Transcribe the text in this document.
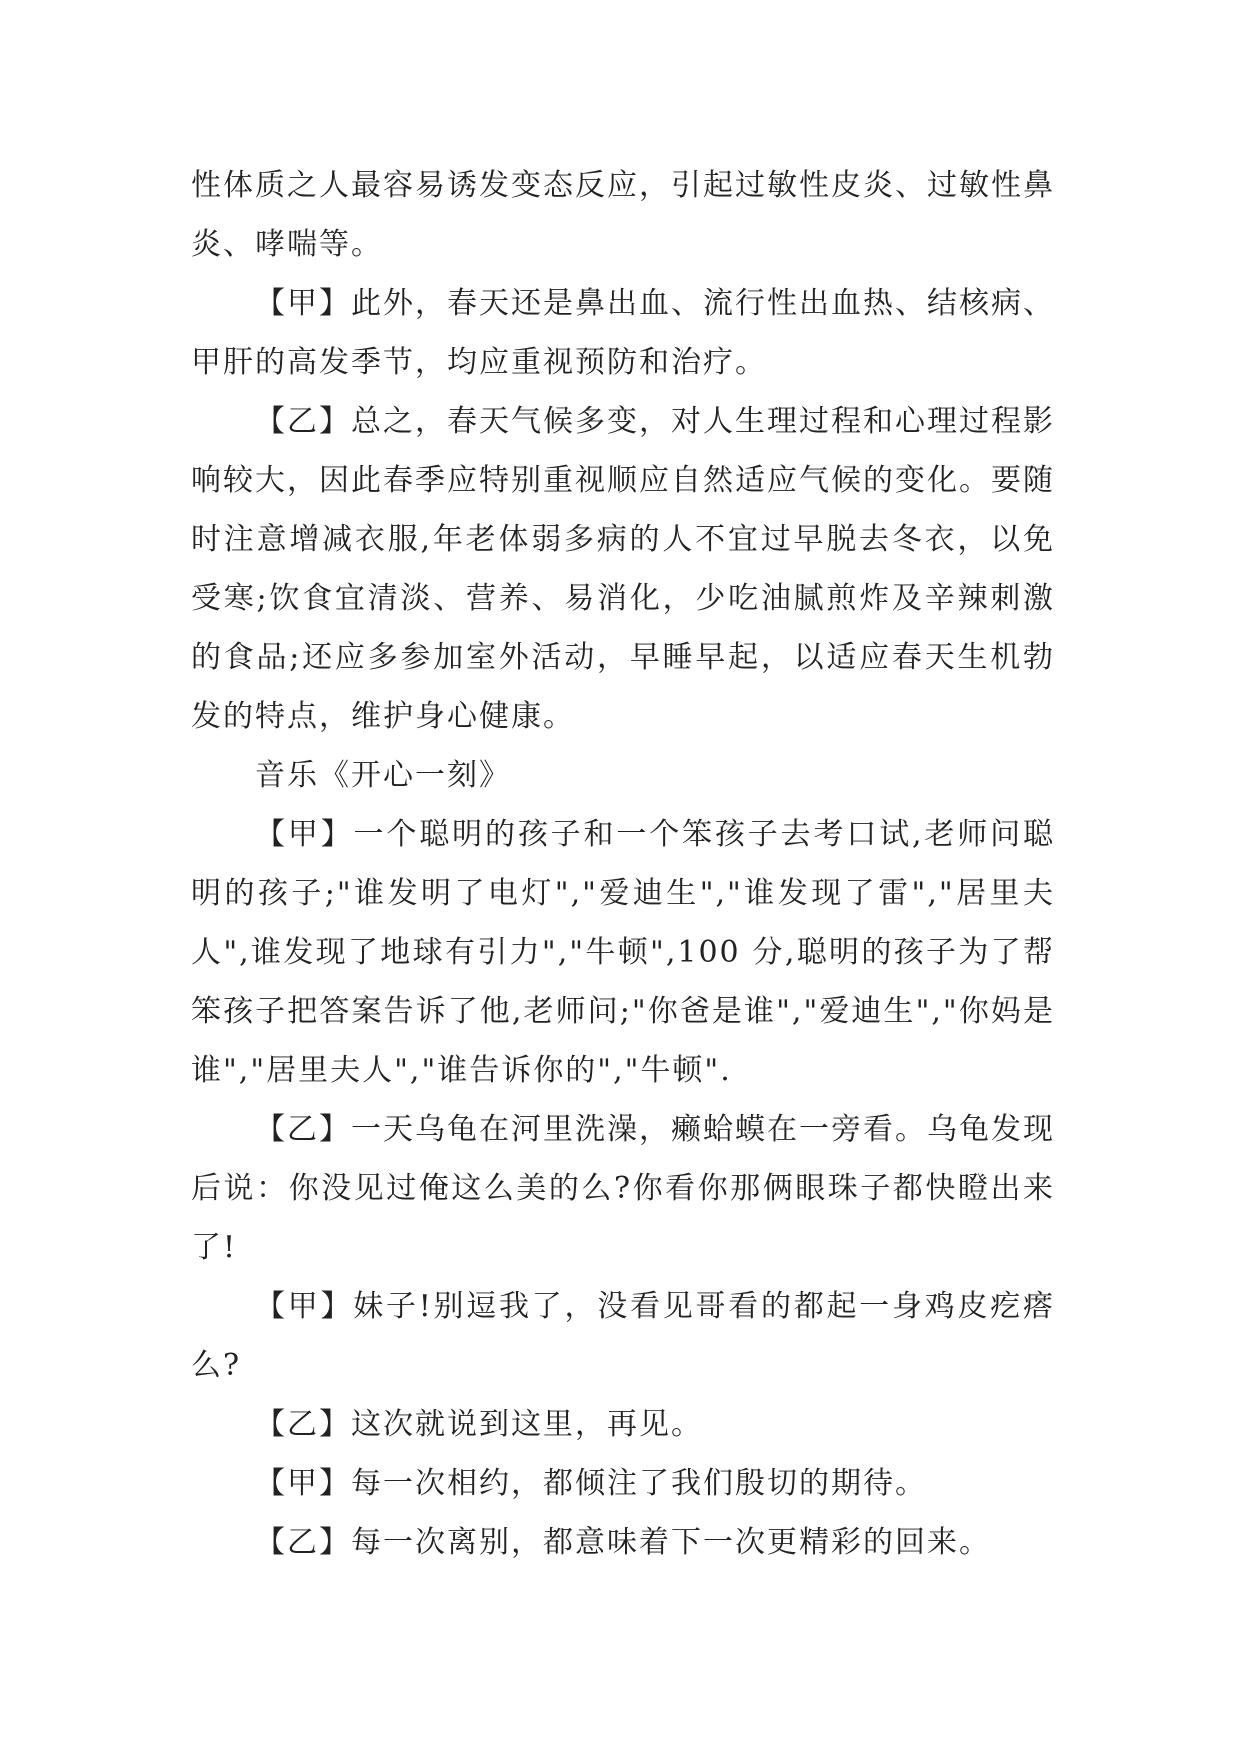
性体质之人最容易诱发变态反应，引起过敏性皮炎、过敏性鼻炎、哮喘等。

【甲】此外，春天还是鼻出血、流行性出血热、结核病、甲肝的高发季节，均应重视预防和治疗。

【乙】总之，春天气候多变，对人生理过程和心理过程影响较大，因此春季应特别重视顺应自然适应气候的变化。要随时注意增减衣服,年老体弱多病的人不宜过早脱去冬衣，以免受寒;饮食宜清淡、营养、易消化，少吃油腻煎炸及辛辣刺激的食品;还应多参加室外活动，早睡早起，以适应春天生机勃发的特点，维护身心健康。

音乐《开心一刻》

【甲】一个聪明的孩子和一个笨孩子去考口试,老师问聪明的孩子;"谁发明了电灯","爱迪生","谁发现了雷","居里夫人",谁发现了地球有引力","牛顿",100 分,聪明的孩子为了帮笨孩子把答案告诉了他,老师问;"你爸是谁","爱迪生","你妈是谁","居里夫人","谁告诉你的","牛顿".

【乙】一天乌龟在河里洗澡，癞蛤蟆在一旁看。乌龟发现后说：你没见过俺这么美的么?你看你那俩眼珠子都快瞪出来了!

【甲】妹子!别逗我了，没看见哥看的都起一身鸡皮疙瘩么?

【乙】这次就说到这里，再见。

【甲】每一次相约，都倾注了我们殷切的期待。

【乙】每一次离别，都意味着下一次更精彩的回来。
